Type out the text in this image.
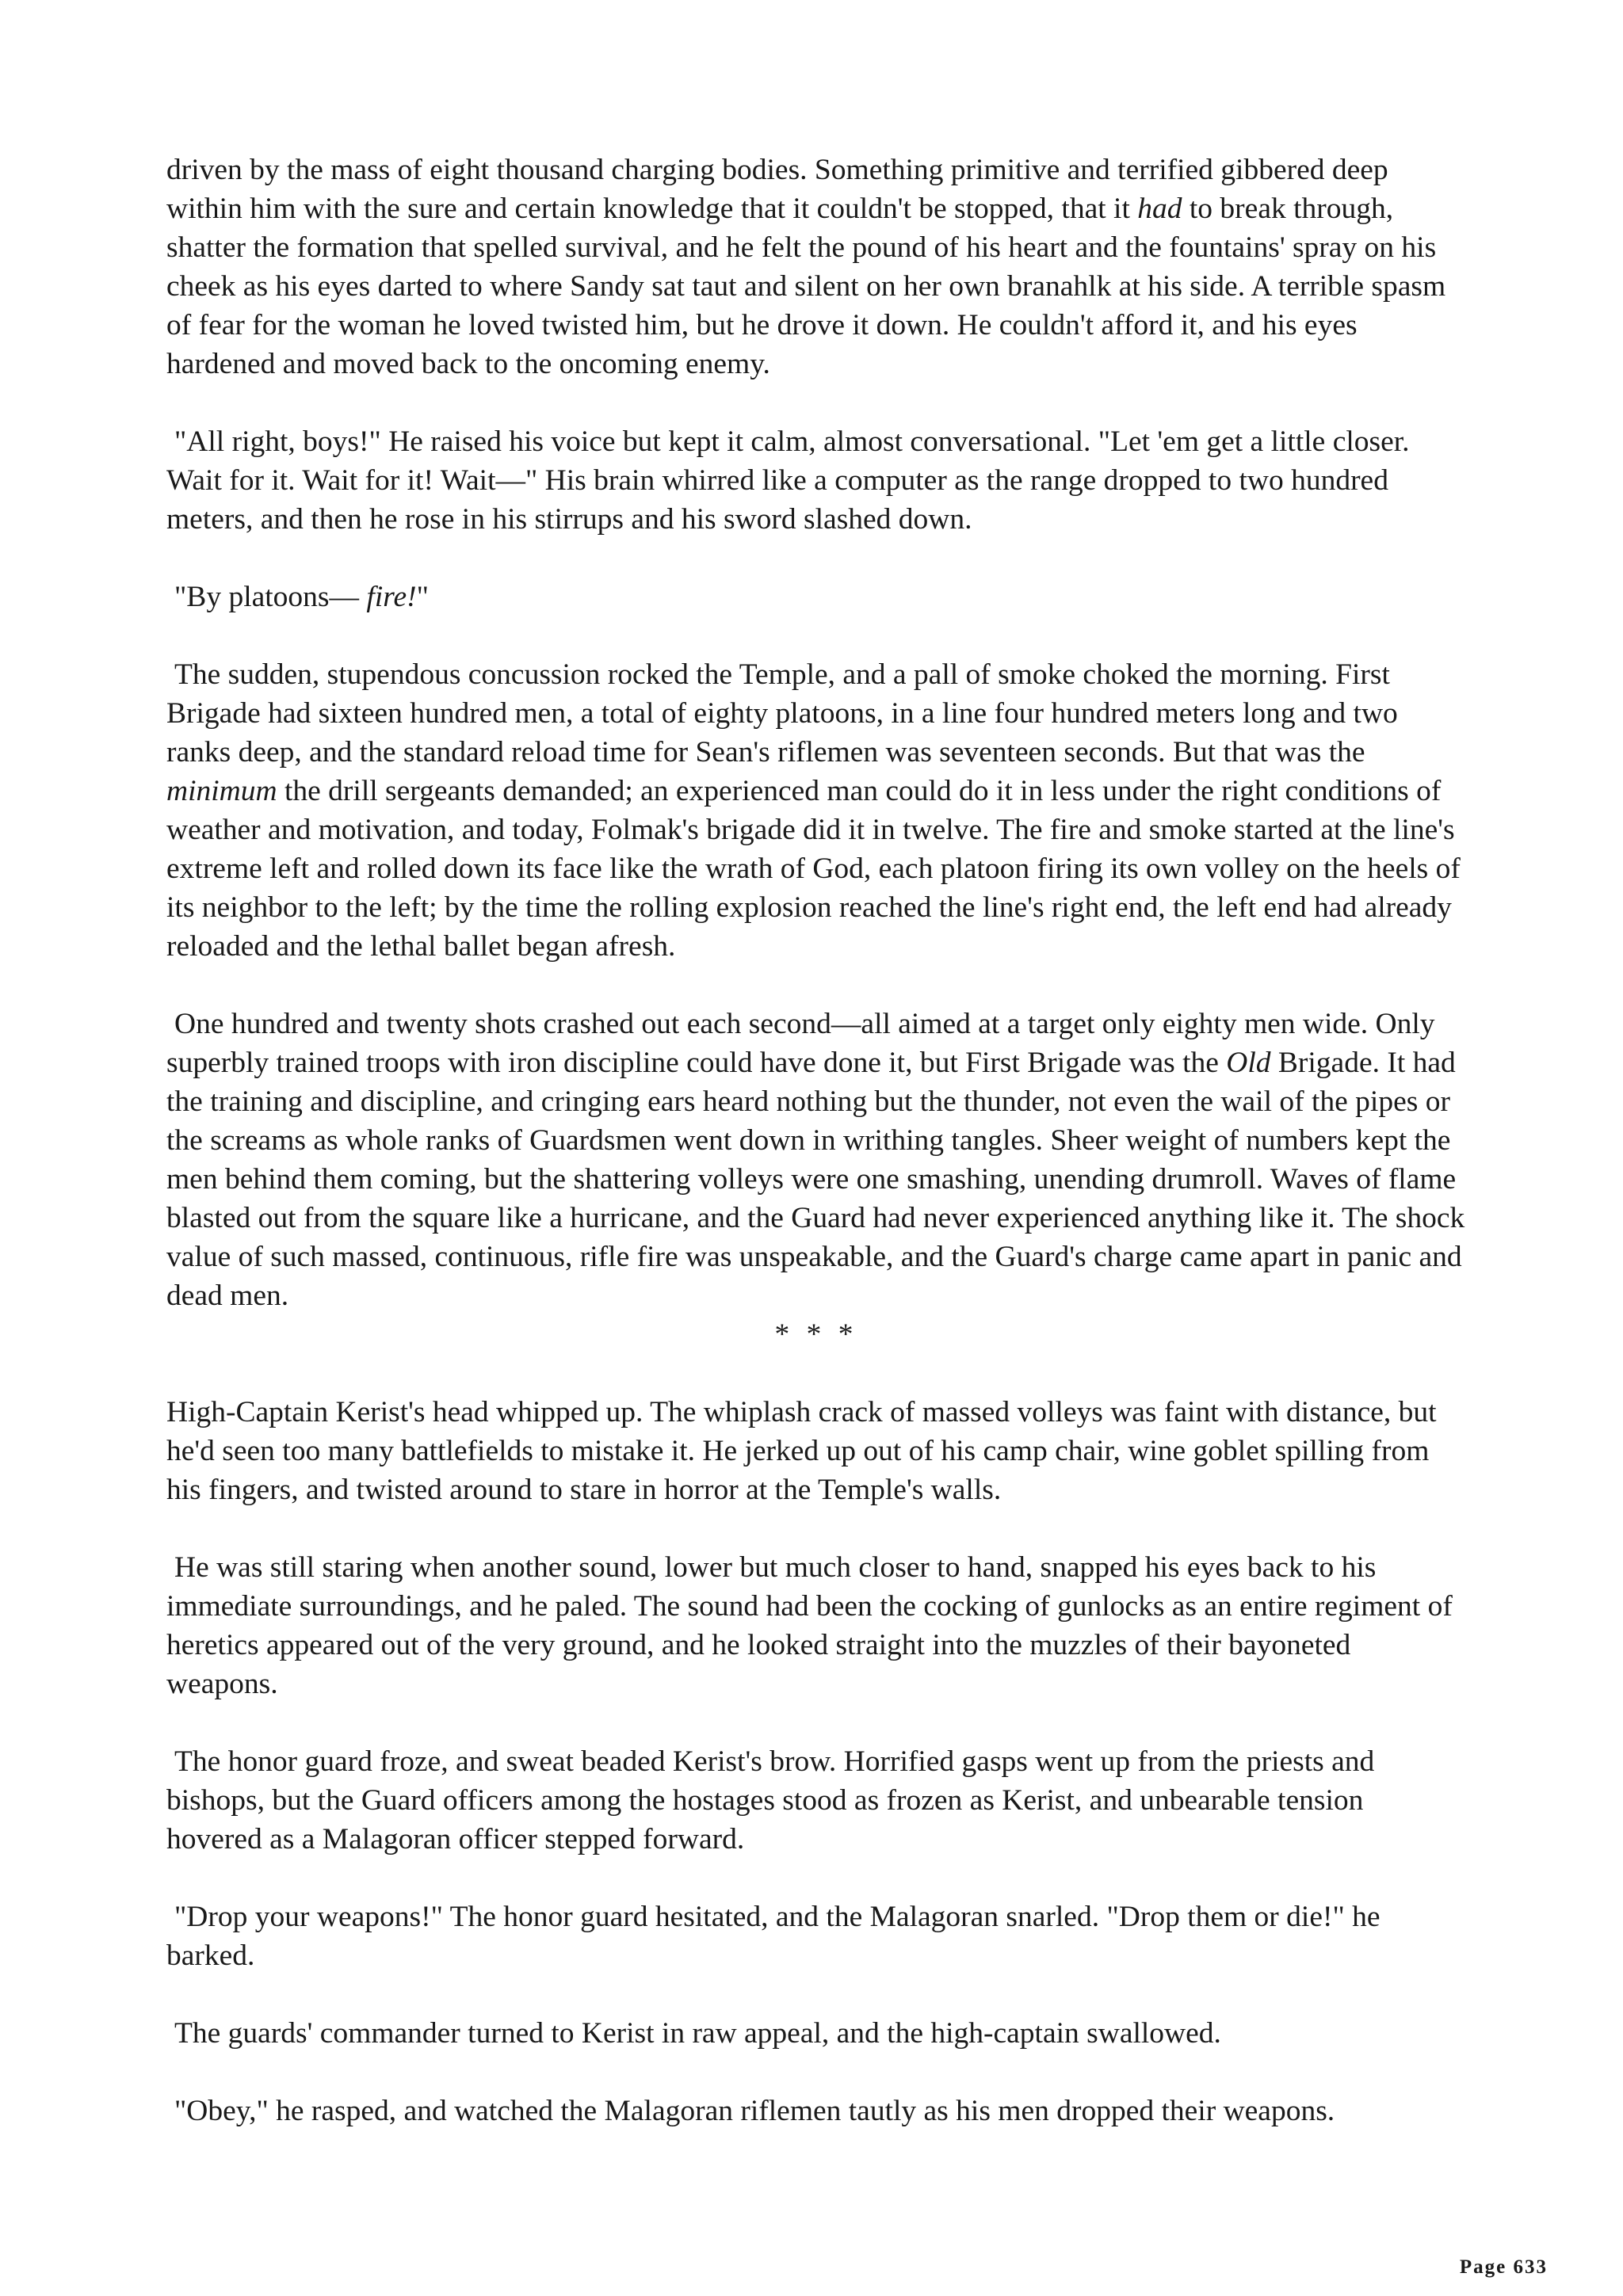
driven by the mass of eight thousand charging bodies. Something primitive and terrified gibbered deep within him with the sure and certain knowledge that it couldn't be stopped, that it had to break through, shatter the formation that spelled survival, and he felt the pound of his heart and the fountains' spray on his cheek as his eyes darted to where Sandy sat taut and silent on her own branahlk at his side. A terrible spasm of fear for the woman he loved twisted him, but he drove it down. He couldn't afford it, and his eyes hardened and moved back to the oncoming enemy.

"All right, boys!" He raised his voice but kept it calm, almost conversational. "Let 'em get a little closer. Wait for it. Wait for it! Wait—" His brain whirred like a computer as the range dropped to two hundred meters, and then he rose in his stirrups and his sword slashed down.

"By platoons— fire!"

The sudden, stupendous concussion rocked the Temple, and a pall of smoke choked the morning. First Brigade had sixteen hundred men, a total of eighty platoons, in a line four hundred meters long and two ranks deep, and the standard reload time for Sean's riflemen was seventeen seconds. But that was the minimum the drill sergeants demanded; an experienced man could do it in less under the right conditions of weather and motivation, and today, Folmak's brigade did it in twelve. The fire and smoke started at the line's extreme left and rolled down its face like the wrath of God, each platoon firing its own volley on the heels of its neighbor to the left; by the time the rolling explosion reached the line's right end, the left end had already reloaded and the lethal ballet began afresh.

One hundred and twenty shots crashed out each second—all aimed at a target only eighty men wide. Only superbly trained troops with iron discipline could have done it, but First Brigade was the Old Brigade. It had the training and discipline, and cringing ears heard nothing but the thunder, not even the wail of the pipes or the screams as whole ranks of Guardsmen went down in writhing tangles. Sheer weight of numbers kept the men behind them coming, but the shattering volleys were one smashing, unending drumroll. Waves of flame blasted out from the square like a hurricane, and the Guard had never experienced anything like it. The shock value of such massed, continuous, rifle fire was unspeakable, and the Guard's charge came apart in panic and dead men.

* * *

High-Captain Kerist's head whipped up. The whiplash crack of massed volleys was faint with distance, but he'd seen too many battlefields to mistake it. He jerked up out of his camp chair, wine goblet spilling from his fingers, and twisted around to stare in horror at the Temple's walls.

He was still staring when another sound, lower but much closer to hand, snapped his eyes back to his immediate surroundings, and he paled. The sound had been the cocking of gunlocks as an entire regiment of heretics appeared out of the very ground, and he looked straight into the muzzles of their bayoneted weapons.

The honor guard froze, and sweat beaded Kerist's brow. Horrified gasps went up from the priests and bishops, but the Guard officers among the hostages stood as frozen as Kerist, and unbearable tension hovered as a Malagoran officer stepped forward.

"Drop your weapons!" The honor guard hesitated, and the Malagoran snarled. "Drop them or die!" he barked.

The guards' commander turned to Kerist in raw appeal, and the high-captain swallowed.

"Obey," he rasped, and watched the Malagoran riflemen tautly as his men dropped their weapons.

Page 633
